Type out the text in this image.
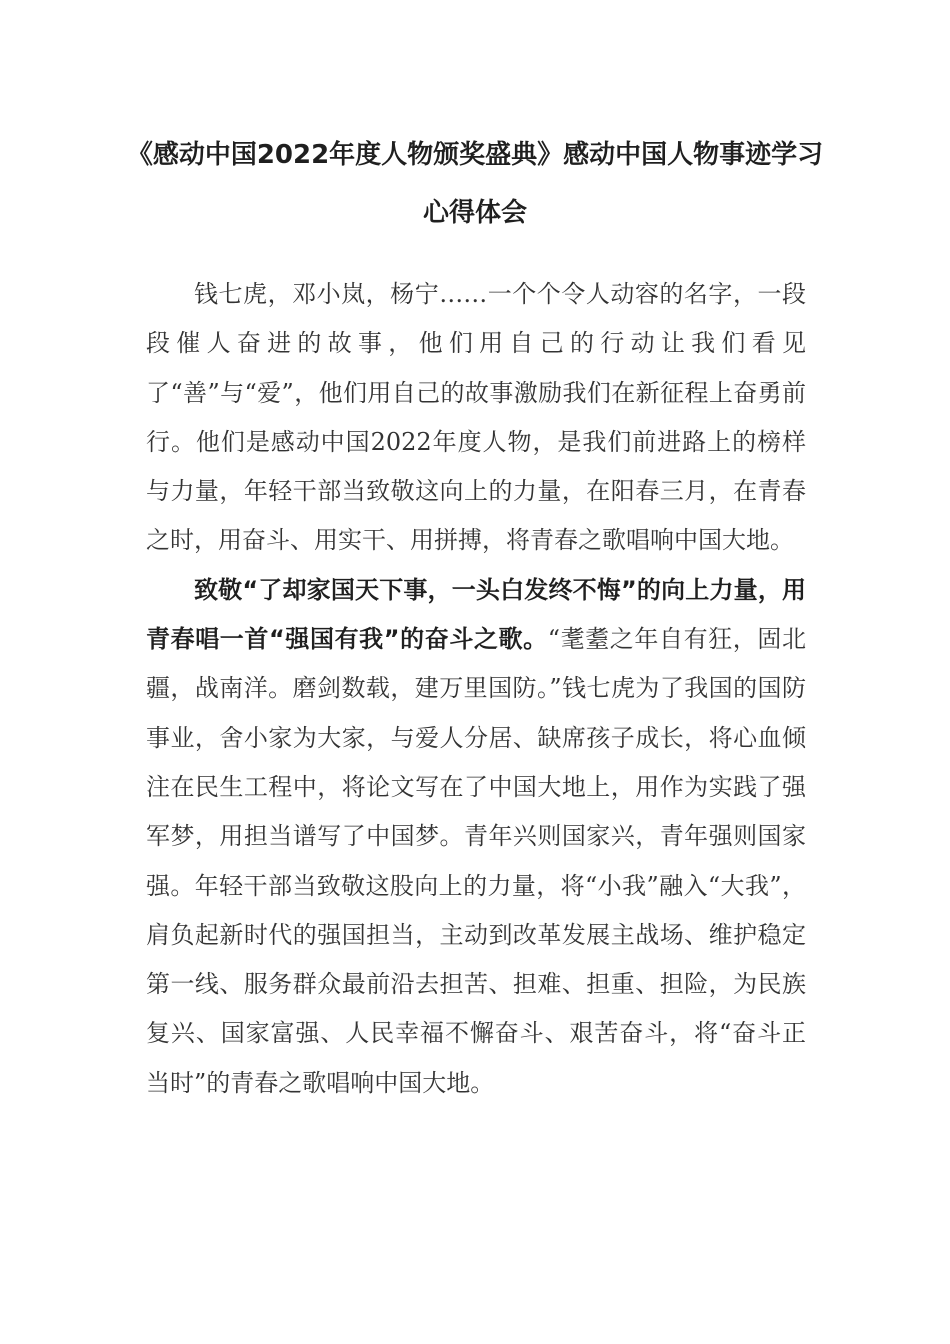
《感动中国2022年度人物颁奖盛典》感动中国人物事迹学习心得体会

钱七虎，邓小岚，杨宁……一个个令人动容的名字，一段段催人奋进的故事，他们用自己的行动让我们看见了“善”与“爱”，他们用自己的故事激励我们在新征程上奋勇前行。他们是感动中国2022年度人物，是我们前进路上的榜样与力量，年轻干部当致敬这向上的力量，在阳春三月，在青春之时，用奋斗、用实干、用拼搏，将青春之歌唱响中国大地。

致敬“了却家国天下事，一头白发终不悔”的向上力量，用青春唱一首“强国有我”的奋斗之歌。“耄耋之年自有狂，固北疆，战南洋。磨剑数载，建万里国防。”钱七虎为了我国的国防事业，舍小家为大家，与爱人分居、缺席孩子成长，将心血倾注在民生工程中，将论文写在了中国大地上，用作为实践了强军梦，用担当谱写了中国梦。青年兴则国家兴，青年强则国家强。年轻干部当致敬这股向上的力量，将“小我”融入“大我”，肩负起新时代的强国担当，主动到改革发展主战场、维护稳定第一线、服务群众最前沿去担苦、担难、担重、担险，为民族复兴、国家富强、人民幸福不懈奋斗、艰苦奋斗，将“奋斗正当时”的青春之歌唱响中国大地。
